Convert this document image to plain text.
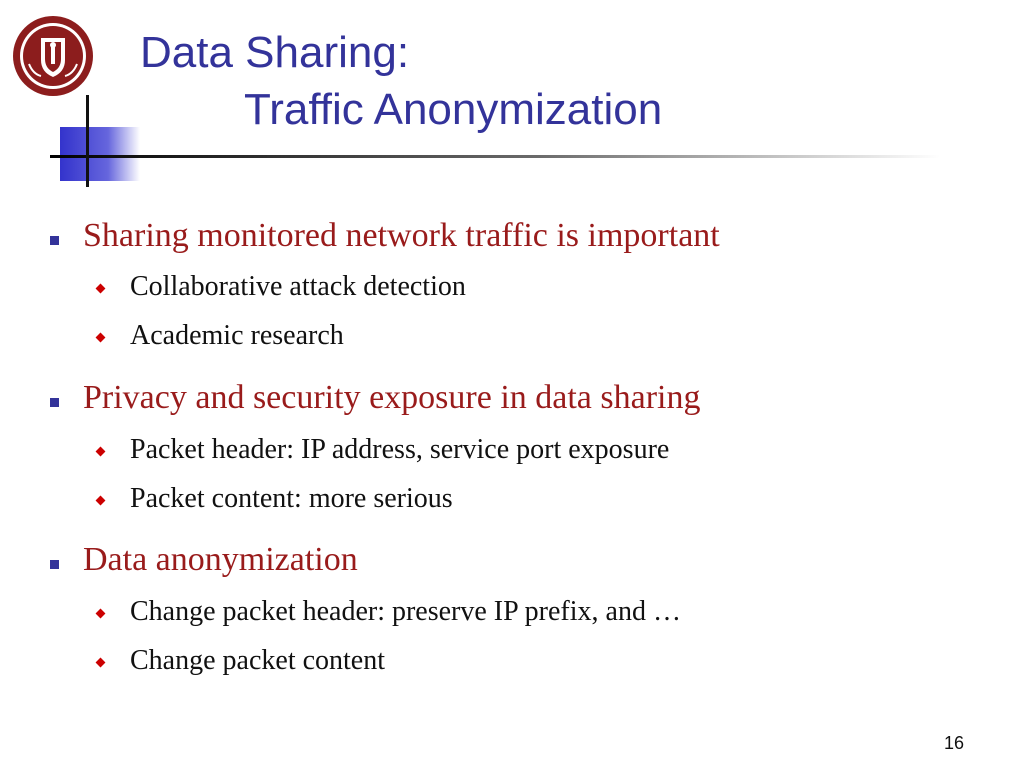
Data Sharing:
Traffic Anonymization
Sharing monitored network traffic is important
Collaborative attack detection
Academic research
Privacy and security exposure in data sharing
Packet header: IP address, service port exposure
Packet content: more serious
Data anonymization
Change packet header: preserve IP prefix, and …
Change packet content
16
